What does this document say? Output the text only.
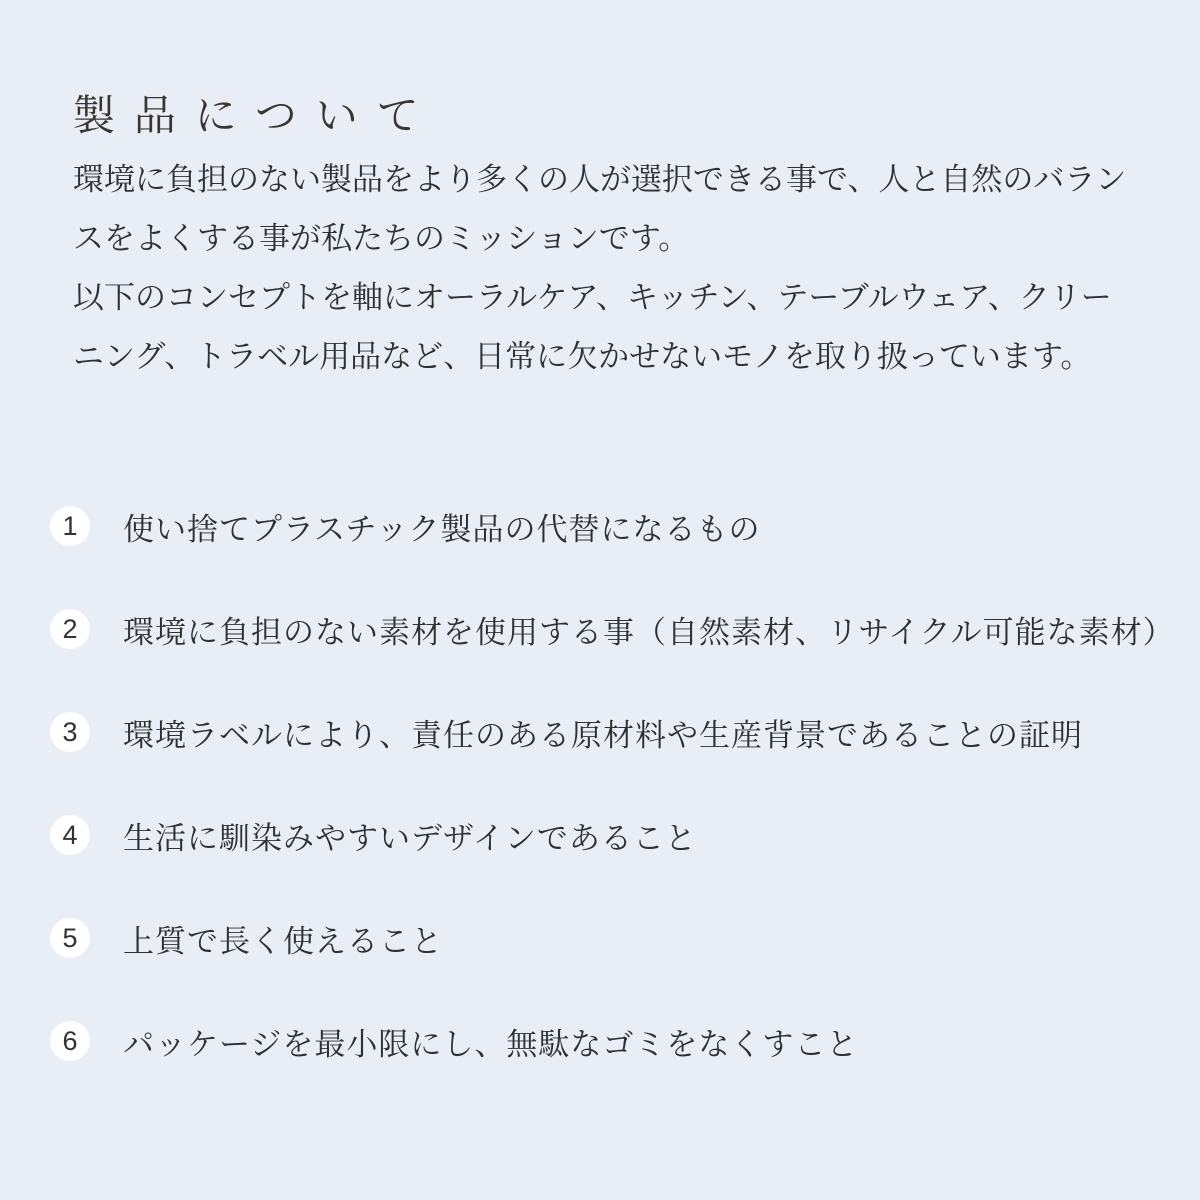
製品について
環境に負担のない製品をより多くの人が選択できる事で、人と自然のバラン
スをよくする事が私たちのミッションです。
以下のコンセプトを軸にオーラルケア、キッチン、テーブルウェア、クリー
ニング、トラベル用品など、日常に欠かせないモノを取り扱っています。
1	使い捨てプラスチック製品の代替になるもの
2	環境に負担のない素材を使用する事（自然素材、リサイクル可能な素材）
3	環境ラベルにより、責任のある原材料や生産背景であることの証明
4	生活に馴染みやすいデザインであること
5	上質で長く使えること
6	パッケージを最小限にし、無駄なゴミをなくすこと
